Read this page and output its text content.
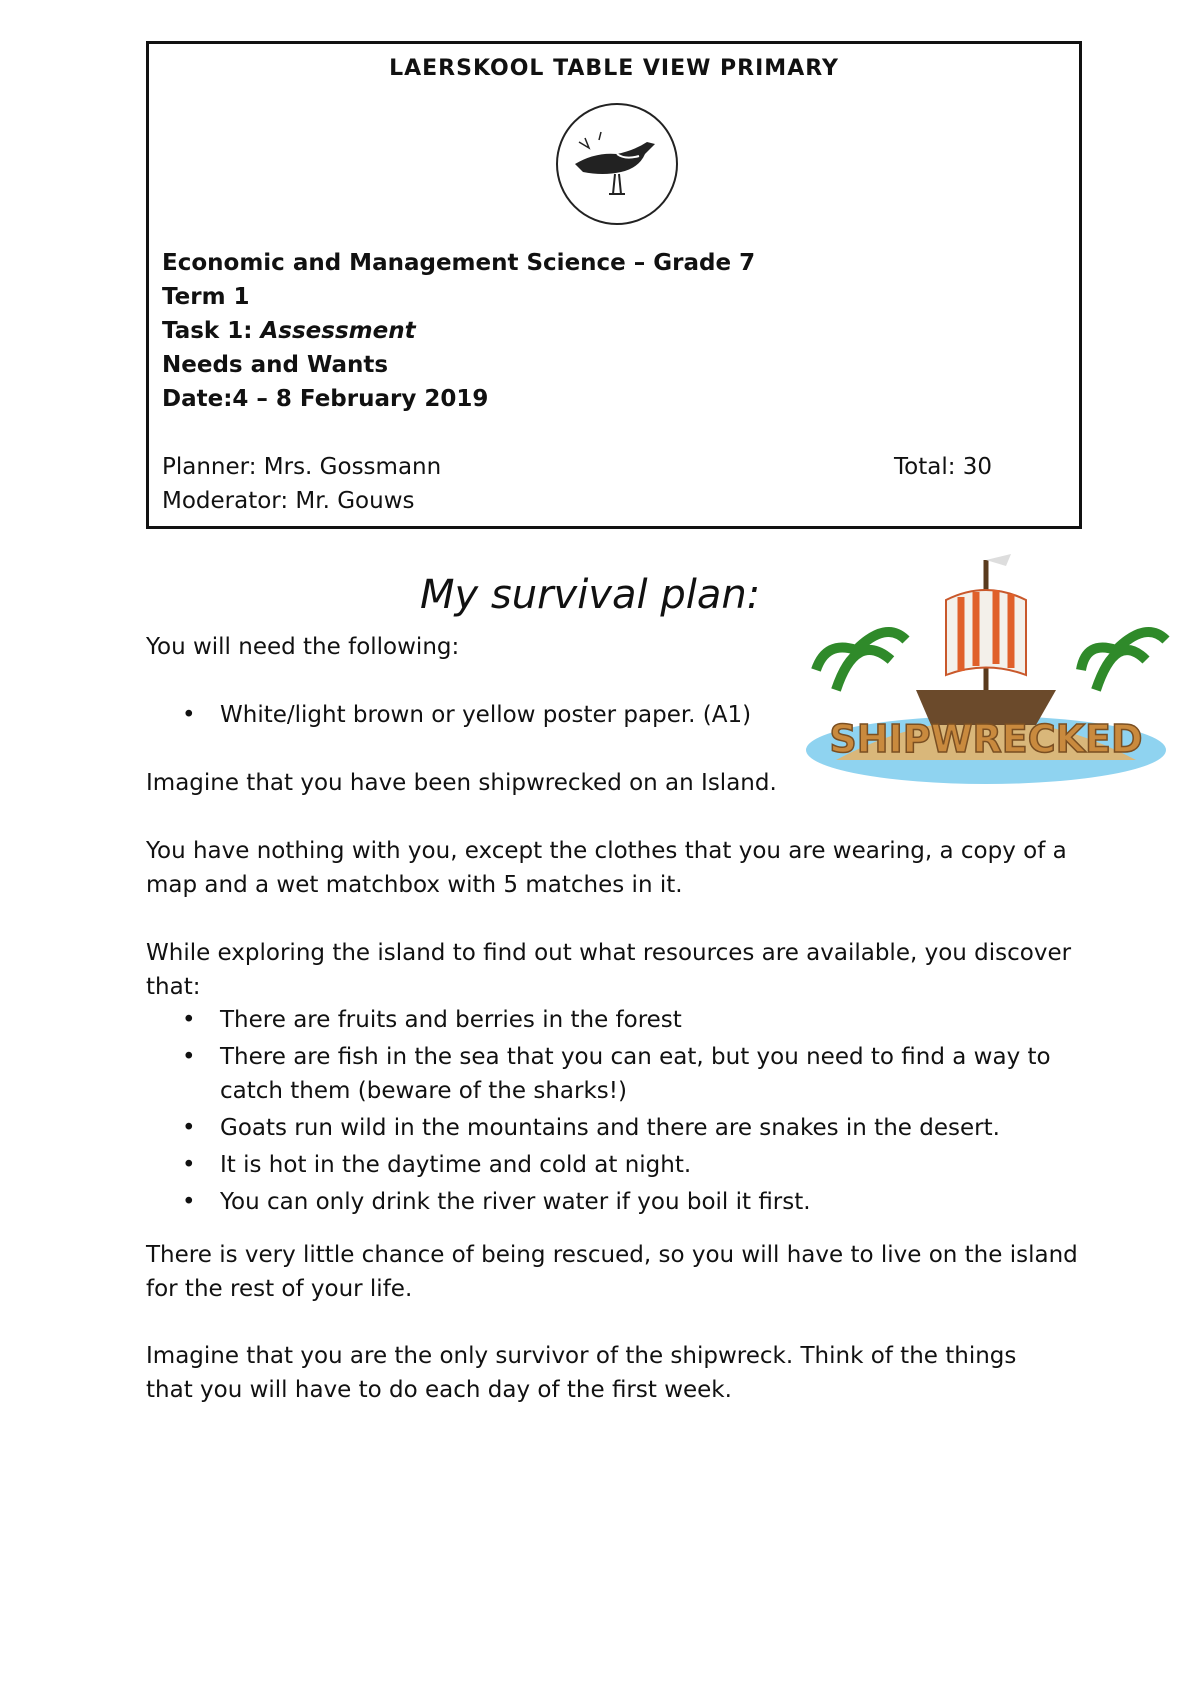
LAERSKOOL TABLE VIEW PRIMARY
Economic and Management Science – Grade 7
Term 1
Task 1: Assessment
Needs and Wants
Date:4 – 8 February 2019
Planner: Mrs. Gossmann
Moderator: Mr. Gouws
Total: 30
My survival plan:
SHIPWRECKED
You will need the following:
• White/light brown or yellow poster paper. (A1)
Imagine that you have been shipwrecked on an Island.
You have nothing with you, except the clothes that you are wearing, a copy of a
map and a wet matchbox with 5 matches in it.
While exploring the island to find out what resources are available, you discover
that:
• There are fruits and berries in the forest
• There are fish in the sea that you can eat, but you need to find a way to
catch them (beware of the sharks!)
• Goats run wild in the mountains and there are snakes in the desert.
• It is hot in the daytime and cold at night.
• You can only drink the river water if you boil it first.
There is very little chance of being rescued, so you will have to live on the island
for the rest of your life.
Imagine that you are the only survivor of the shipwreck. Think of the things
that you will have to do each day of the first week.
